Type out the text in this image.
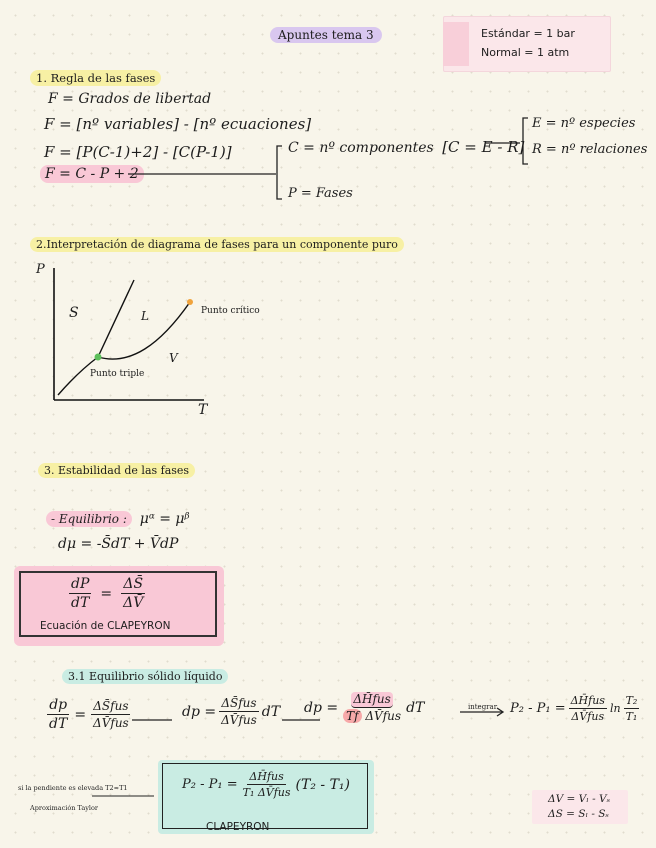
Apuntes tema 3	Estándar = 1 bar
Normal = 1 atm
1. Regla de las fases
F = Grados de libertad
F = [nº variables] - [nº ecuaciones]
F = [P(C-1)+2] - [C(P-1)]
F = C - P + 2
C = nº componentes [C = E - R]
E = nº especies
R = nº relaciones
P = Fases
2.Interpretación de diagrama de fases para un componente puro
P
T
S	L
V
Punto crítico
Punto triple
3. Estabilidad de las fases
- Equilibrio : μᵅ = μᵝ
dμ = -S̄dT + V̄dP
$\frac{dP}{dT} = \frac{\Delta S̄}{\Delta V̄}$
Ecuación de CLAPEYRON
3.1 Equilibrio sólido líquido
$\frac{dp}{dT} = \frac{\text{ΔS̄fus}}{\text{ΔV̄fus}}$	dp = $\frac{\text{ΔS̄fus}}{\text{ΔV̄fus}}$ dT dp = $\frac{\text{ΔH̄fus}}{\text{Tf ΔV̄fus}}$ dT	integrar $P_2 - P_1 = \frac{\text{ΔH̄fus}}{\text{ΔV̄fus}}$ $\ln \frac{\text{T₂}}{\text{T₁}}$
si la pendiente es elevada T2≈T1
Aproximación Taylor
$P_2 - P_1 = \frac{\text{ΔH̄fus}}{\text{T₁ ΔV̄fus}} (T_2 - T_1)$
CLAPEYRON
ΔV = Vₗ - Vₛ
ΔS = Sₗ - Sₛ
